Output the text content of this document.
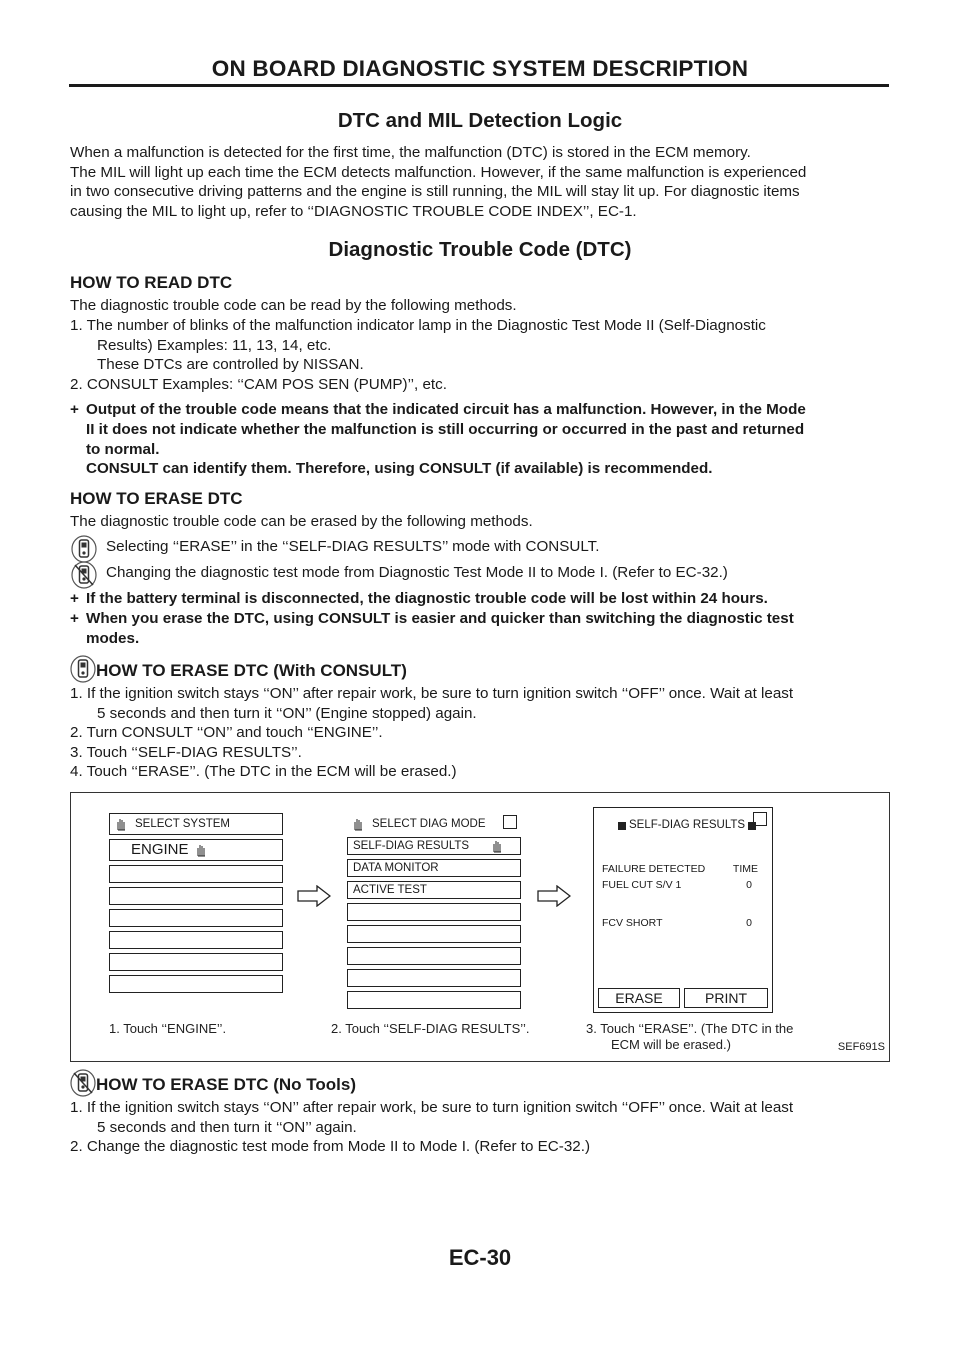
ON BOARD DIAGNOSTIC SYSTEM DESCRIPTION
DTC and MIL Detection Logic

When a malfunction is detected for the first time, the malfunction (DTC) is stored in the ECM memory.

The MIL will light up each time the ECM detects malfunction. However, if the same malfunction is experienced

in two consecutive driving patterns and the engine is still running, the MIL will stay lit up. For diagnostic items

causing the MIL to light up, refer to ‘‘DIAGNOSTIC TROUBLE CODE INDEX’’, EC-1.

Diagnostic Trouble Code (DTC)
HOW TO READ DTC

The diagnostic trouble code can be read by the following methods.

1. The number of blinks of the malfunction indicator lamp in the Diagnostic Test Mode II (Self-Diagnostic

Results) Examples: 11, 13, 14, etc.

These DTCs are controlled by NISSAN.

2. CONSULT Examples: ‘‘CAM POS SEN (PUMP)’’, etc.

+ Output of the trouble code means that the indicated circuit has a malfunction. However, in the Mode

II it does not indicate whether the malfunction is still occurring or occurred in the past and returned

to normal.

CONSULT can identify them. Therefore, using CONSULT (if available) is recommended.

HOW TO ERASE DTC

The diagnostic trouble code can be erased by the following methods.

Selecting ‘‘ERASE’’ in the ‘‘SELF-DIAG RESULTS’’ mode with CONSULT.

Changing the diagnostic test mode from Diagnostic Test Mode II to Mode I. (Refer to EC-32.)

+ If the battery terminal is disconnected, the diagnostic trouble code will be lost within 24 hours.

+ When you erase the DTC, using CONSULT is easier and quicker than switching the diagnostic test

modes.

HOW TO ERASE DTC (With CONSULT)

1. If the ignition switch stays ‘‘ON’’ after repair work, be sure to turn ignition switch ‘‘OFF’’ once. Wait at least

5 seconds and then turn it ‘‘ON’’ (Engine stopped) again.

2. Turn CONSULT ‘‘ON’’ and touch ‘‘ENGINE’’.

3. Touch ‘‘SELF-DIAG RESULTS’’.

4. Touch ‘‘ERASE’’. (The DTC in the ECM will be erased.)

SELECT SYSTEM
ENGINE
SELECT DIAG MODE
SELF-DIAG RESULTS
DATA MONITOR
ACTIVE TEST
SELF-DIAG RESULTS
FAILURE DETECTED	TIME
FUEL CUT S/V 1	0
FCV SHORT	0
ERASE	PRINT
1. Touch ‘‘ENGINE’’.	2. Touch ‘‘SELF-DIAG RESULTS’’.	3. Touch ‘‘ERASE’’. (The DTC in the
ECM will be erased.)	SEF691S
HOW TO ERASE DTC (No Tools)

1. If the ignition switch stays ‘‘ON’’ after repair work, be sure to turn ignition switch ‘‘OFF’’ once. Wait at least

5 seconds and then turn it ‘‘ON’’ again.

2. Change the diagnostic test mode from Mode II to Mode I. (Refer to EC-32.)

EC-30
